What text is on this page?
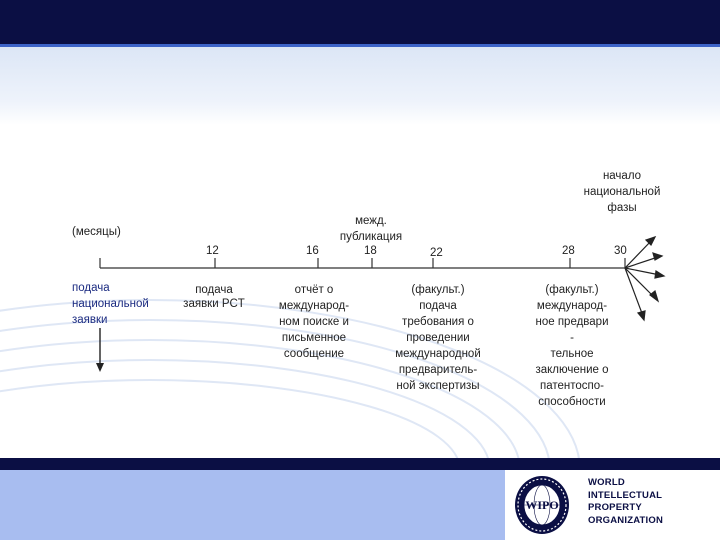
(месяцы)
12	16	18	22	28	30
подача
национальной
заявки
подача
заявки PCT
отчёт о
международ-
ном поиске и
письменное
сообщение
межд.
публикация
(факульт.)
подача
требования о
проведении
международной
предваритель-
ной экспертизы
(факульт.)
международ-
ное предвари
-
тельное
заключение о
патентоспо-
способности
начало
национальной
фазы
WIPO
WORLD
INTELLECTUAL
PROPERTY
ORGANIZATION
